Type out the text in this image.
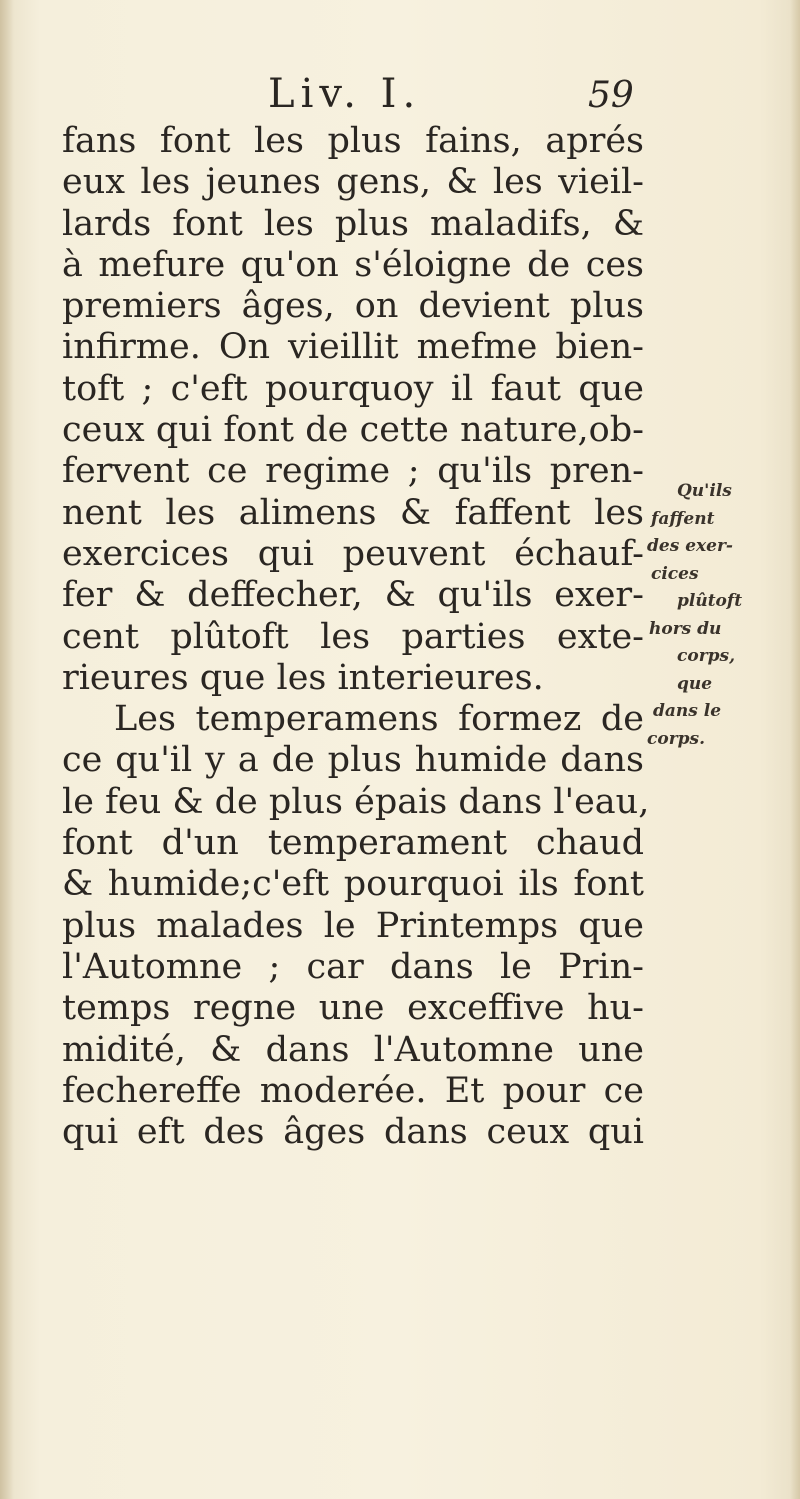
Liv. I.	59
fans font les plus fains, aprés
eux les jeunes gens, & les vieil-
lards font les plus maladifs, &
à mefure qu'on s'éloigne de ces
premiers âges, on devient plus
infirme. On vieillit mefme bien-
toft ; c'eft pourquoy il faut que
ceux qui font de cette nature,ob-
fervent ce regime ; qu'ils pren-
nent les alimens & faffent les
exercices qui peuvent échauf-
fer & deffecher, & qu'ils exer-
cent plûtoft les parties exte-
rieures que les interieures.
Les temperamens formez de
ce qu'il y a de plus humide dans
le feu & de plus épais dans l'eau,
font d'un temperament chaud
& humide;c'eft pourquoi ils font
plus malades le Printemps que
l'Automne ; car dans le Prin-
temps regne une exceffive hu-
midité, & dans l'Automne une
fechereffe moderée. Et pour ce
qui eft des âges dans ceux qui
Qu'ils
faffent
des exer-
cices
plûtoft
hors du
corps,
que
dans le
corps.
